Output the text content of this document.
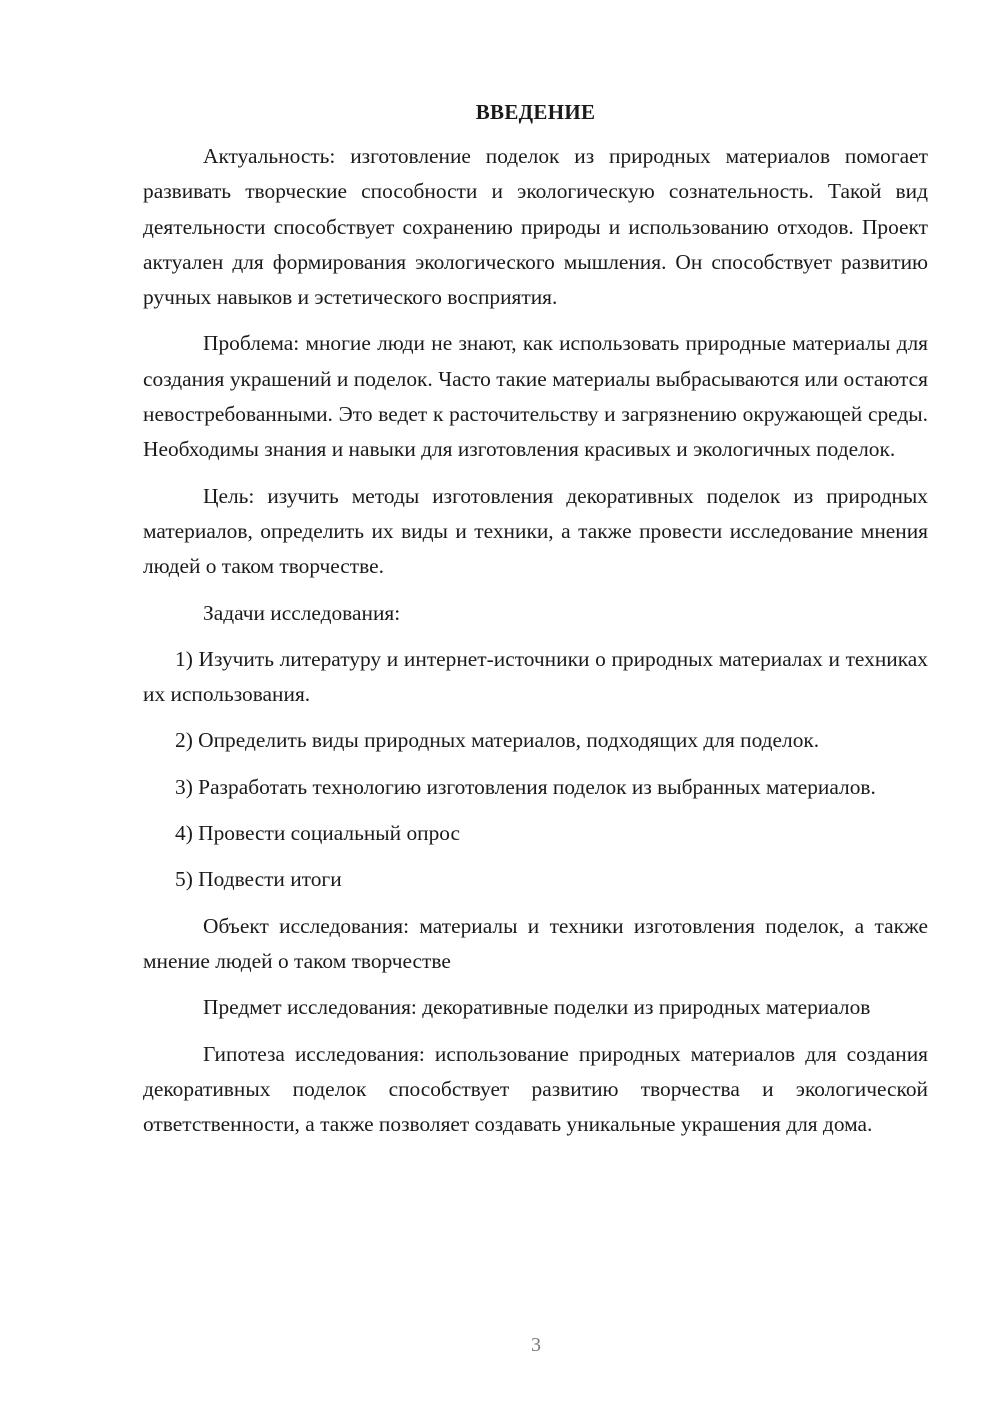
ВВЕДЕНИЕ

Актуальность: изготовление поделок из природных материалов помогает развивать творческие способности и экологическую сознательность. Такой вид деятельности способствует сохранению природы и использованию отходов. Проект актуален для формирования экологического мышления. Он способствует развитию ручных навыков и эстетического восприятия.

Проблема: многие люди не знают, как использовать природные материалы для создания украшений и поделок. Часто такие материалы выбрасываются или остаются невостребованными. Это ведет к расточительству и загрязнению окружающей среды. Необходимы знания и навыки для изготовления красивых и экологичных поделок.

Цель: изучить методы изготовления декоративных поделок из природных материалов, определить их виды и техники, а также провести исследование мнения людей о таком творчестве.

Задачи исследования:

1) Изучить литературу и интернет-источники о природных материалах и техниках их использования.

2) Определить виды природных материалов, подходящих для поделок.

3) Разработать технологию изготовления поделок из выбранных материалов.

4) Провести социальный опрос

5) Подвести итоги

Объект исследования: материалы и техники изготовления поделок, а также мнение людей о таком творчестве

Предмет исследования: декоративные поделки из природных материалов

Гипотеза исследования: использование природных материалов для создания декоративных поделок способствует развитию творчества и экологической ответственности, а также позволяет создавать уникальные украшения для дома.

3
